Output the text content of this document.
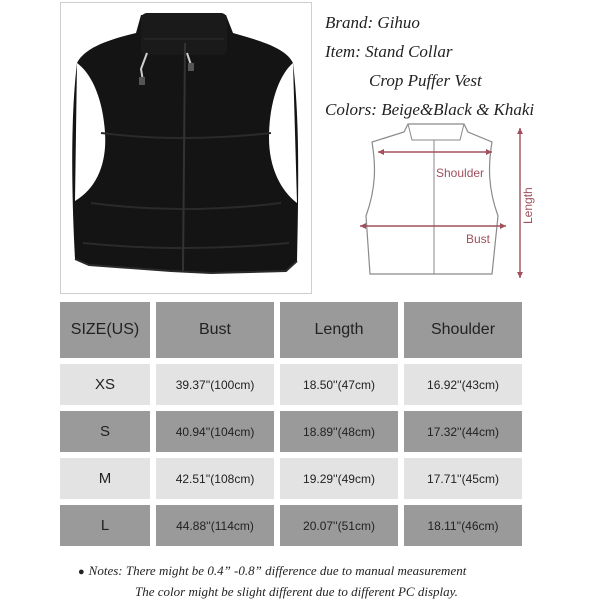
Brand: Gihuo
Item: Stand Collar
Crop Puffer Vest
Colors: Beige&Black & Khaki
Shoulder
Bust
Length
SIZE(US)	Bust	Length	Shoulder
XS	39.37''(100cm)	18.50''(47cm)	16.92''(43cm)
S	40.94''(104cm)	18.89''(48cm)	17.32''(44cm)
M	42.51''(108cm)	19.29''(49cm)	17.71''(45cm)
L	44.88''(114cm)	20.07''(51cm)	18.11''(46cm)
● Notes: There might be 0.4” -0.8” difference due to manual measurement
The color might be slight different due to different PC display.
